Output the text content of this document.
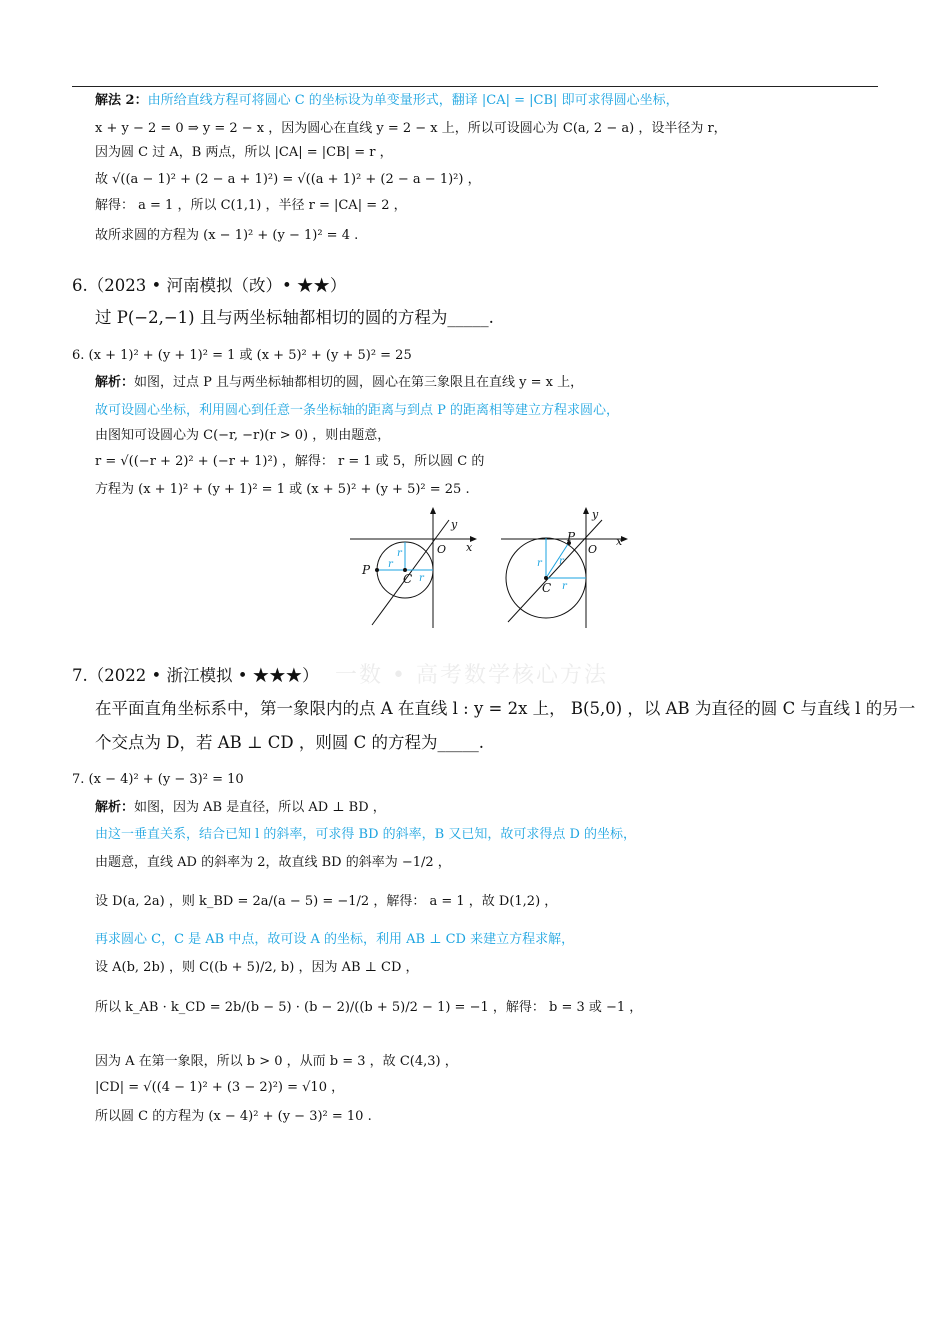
解法 2：由所给直线方程可将圆心 C 的坐标设为单变量形式，翻译 |CA| = |CB| 即可求得圆心坐标，
x + y − 2 = 0 ⇒ y = 2 − x ，因为圆心在直线 y = 2 − x 上，所以可设圆心为 C(a, 2 − a) ，设半径为 r，
因为圆 C 过 A，B 两点，所以 |CA| = |CB| = r ，
故 √((a − 1)² + (2 − a + 1)²) = √((a + 1)² + (2 − a − 1)²) ，
解得： a = 1 ，所以 C(1,1) ，半径 r = |CA| = 2 ，
故所求圆的方程为 (x − 1)² + (y − 1)² = 4 .
6.（2023 • 河南模拟（改）• ★★）
过 P(−2,−1) 且与两坐标轴都相切的圆的方程为_____.
6. (x + 1)² + (y + 1)² = 1 或 (x + 5)² + (y + 5)² = 25
解析：如图，过点 P 且与两坐标轴都相切的圆，圆心在第三象限且在直线 y = x 上，
故可设圆心坐标，利用圆心到任意一条坐标轴的距离与到点 P 的距离相等建立方程求圆心，
由图知可设圆心为 C(−r, −r)(r > 0) ，则由题意，
r = √((−r + 2)² + (−r + 1)²) ，解得： r = 1 或 5，所以圆 C 的
方程为 (x + 1)² + (y + 1)² = 1 或 (x + 5)² + (y + 5)² = 25 .
y
x
O
P
C
r
r
r
y
x
O
P
C
r r
r
一数 • 高考数学核心方法
7.（2022 • 浙江模拟 • ★★★）
在平面直角坐标系中，第一象限内的点 A 在直线 l : y = 2x 上， B(5,0) ，以 AB 为直径的圆 C 与直线 l 的另一
个交点为 D，若 AB ⊥ CD ，则圆 C 的方程为_____.
7. (x − 4)² + (y − 3)² = 10
解析：如图，因为 AB 是直径，所以 AD ⊥ BD ，
由这一垂直关系，结合已知 l 的斜率，可求得 BD 的斜率，B 又已知，故可求得点 D 的坐标，
由题意，直线 AD 的斜率为 2，故直线 BD 的斜率为 −1/2 ，
设 D(a, 2a) ，则 k_BD = 2a/(a − 5) = −1/2 ，解得： a = 1 ，故 D(1,2) ，
再求圆心 C，C 是 AB 中点，故可设 A 的坐标，利用 AB ⊥ CD 来建立方程求解，
设 A(b, 2b) ，则 C((b + 5)/2, b) ，因为 AB ⊥ CD ，
所以 k_AB · k_CD = 2b/(b − 5) · (b − 2)/((b + 5)/2 − 1) = −1 ，解得： b = 3 或 −1 ，
因为 A 在第一象限，所以 b > 0 ，从而 b = 3 ，故 C(4,3) ，
|CD| = √((4 − 1)² + (3 − 2)²) = √10 ，
所以圆 C 的方程为 (x − 4)² + (y − 3)² = 10 .
